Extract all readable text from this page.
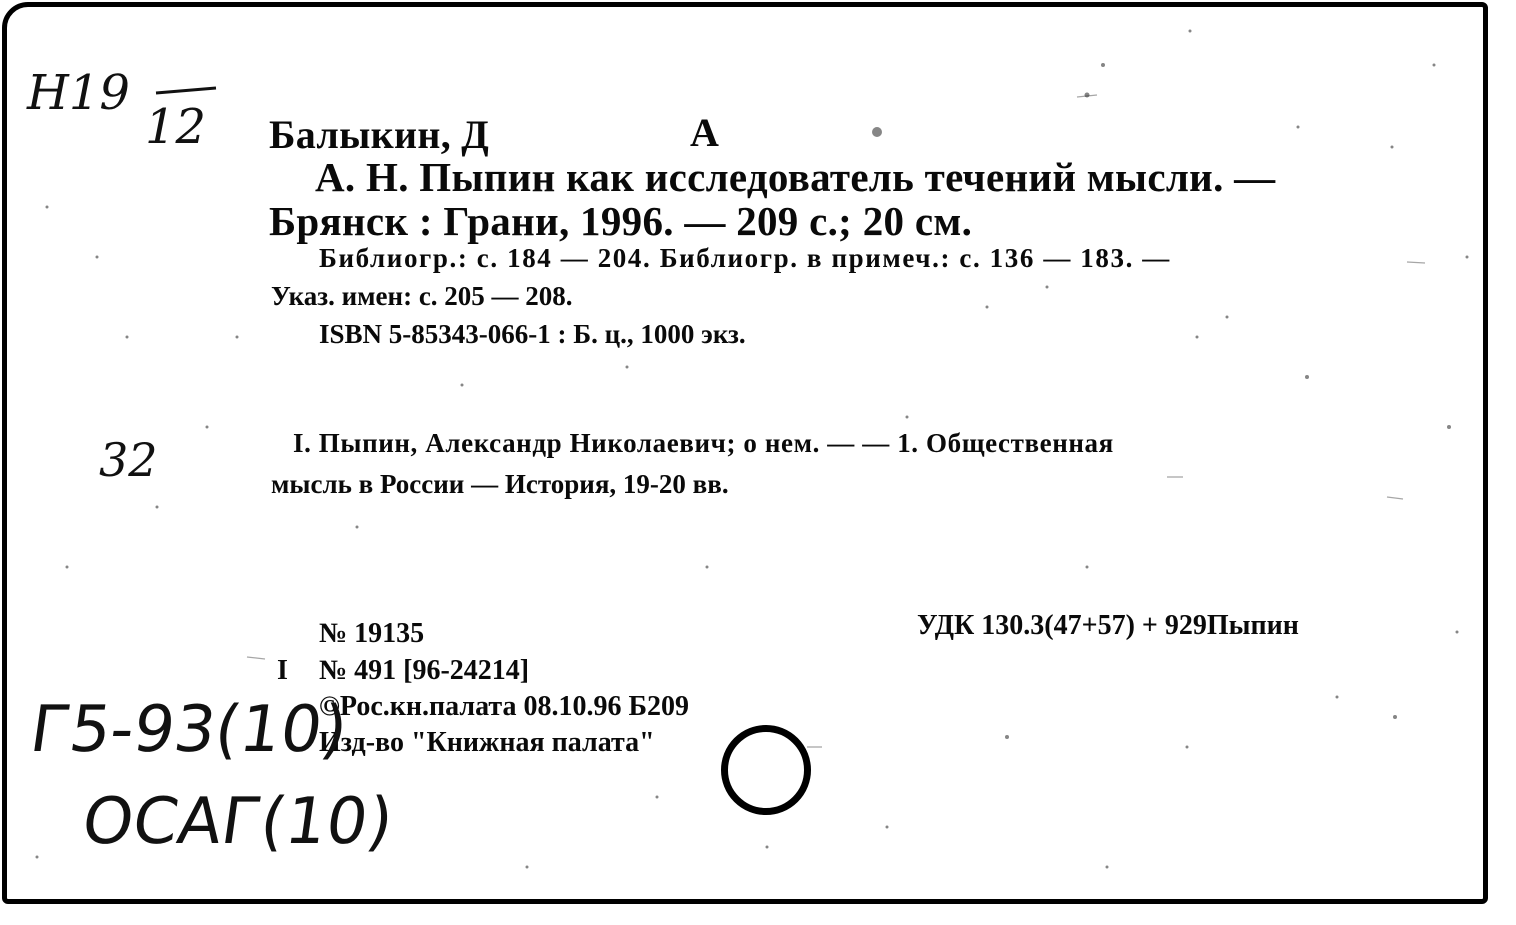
Н19
12 Балыкин, Д	А
А. Н. Пыпин как исследователь течений мысли. —
Брянск : Грани, 1996. — 209 с.; 20 см.
Библиогр.: с. 184 — 204. Библиогр. в примеч.: с. 136 — 183. —
Указ. имен: с. 205 — 208.
ISBN 5-85343-066-1 : Б. ц., 1000 экз.
32	I. Пыпин, Александр Николаевич; о нем. — — 1. Общественная
мысль в России — История, 19-20 вв.
№ 19135	УДК 130.3(47+57) + 929Пыпин
I № 491 [96-24214]
©Рос.кн.палата 08.10.96 Б209
Изд-во "Книжная палата"
Г5-93(10)
ОСАГ(10)
